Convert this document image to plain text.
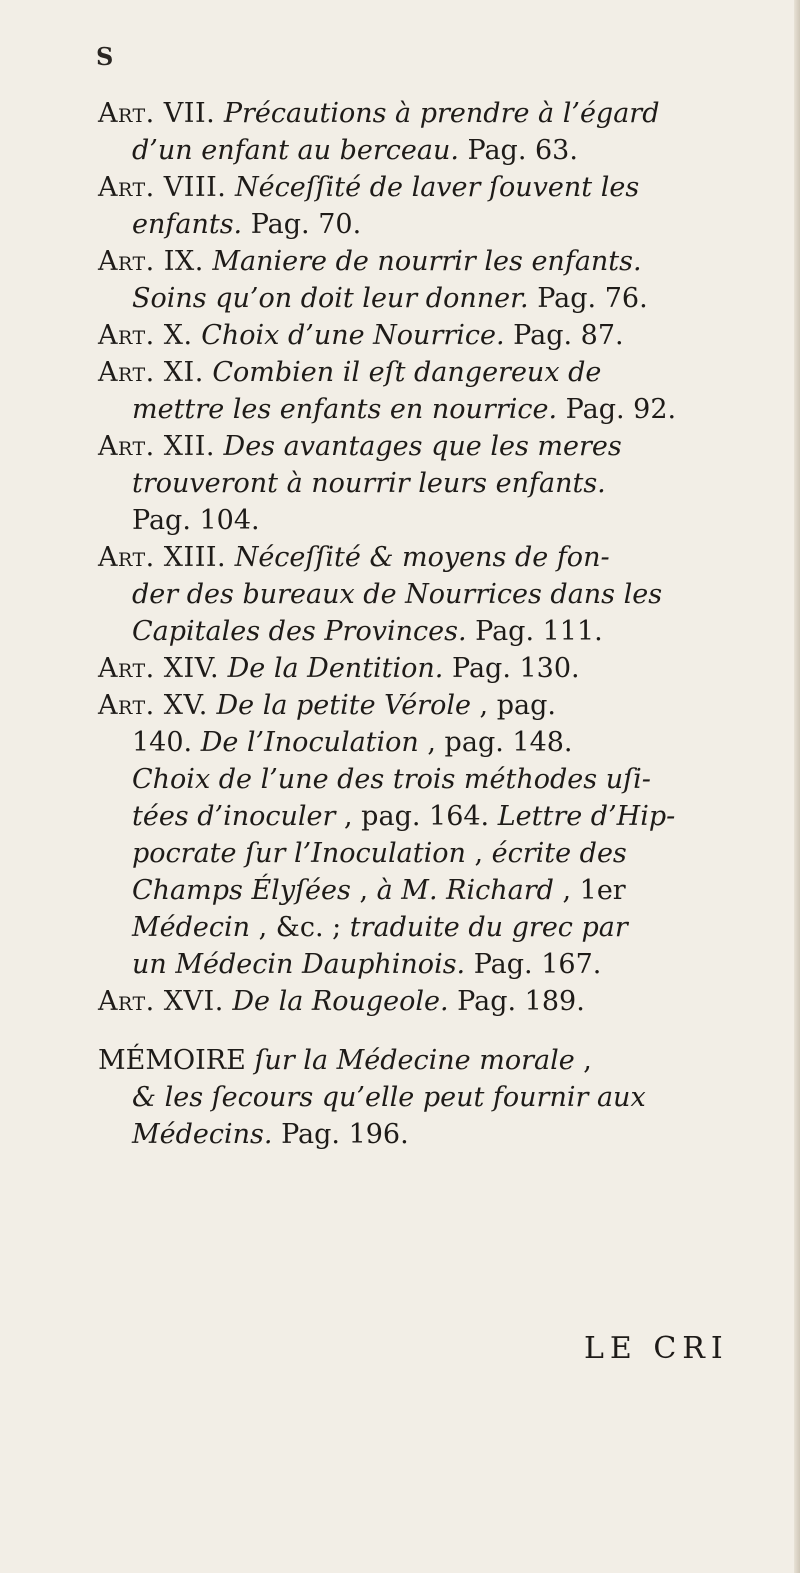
S
Art. VII. Précautions à prendre à l’égard
d’un enfant au berceau. Pag. 63.
Art. VIII. Néceſſité de laver ſouvent les
enfants. Pag. 70.
Art. IX. Maniere de nourrir les enfants.
Soins qu’on doit leur donner. Pag. 76.
Art. X. Choix d’une Nourrice. Pag. 87.
Art. XI. Combien il eſt dangereux de
mettre les enfants en nourrice. Pag. 92.
Art. XII. Des avantages que les meres
trouveront à nourrir leurs enfants.
Pag. 104.
Art. XIII. Néceſſité & moyens de fon-
der des bureaux de Nourrices dans les
Capitales des Provinces. Pag. 111.
Art. XIV. De la Dentition. Pag. 130.
Art. XV. De la petite Vérole , pag.
140. De l’Inoculation , pag. 148.
Choix de l’une des trois méthodes uſi-
tées d’inoculer , pag. 164. Lettre d’Hip-
pocrate ſur l’Inoculation , écrite des
Champs Élyſées , à M. Richard , 1er
Médecin , &c. ; traduite du grec par
un Médecin Dauphinois. Pag. 167.
Art. XVI. De la Rougeole. Pag. 189.
MÉMOIRE ſur la Médecine morale ,
& les ſecours qu’elle peut fournir aux
Médecins. Pag. 196.
LE CRI
